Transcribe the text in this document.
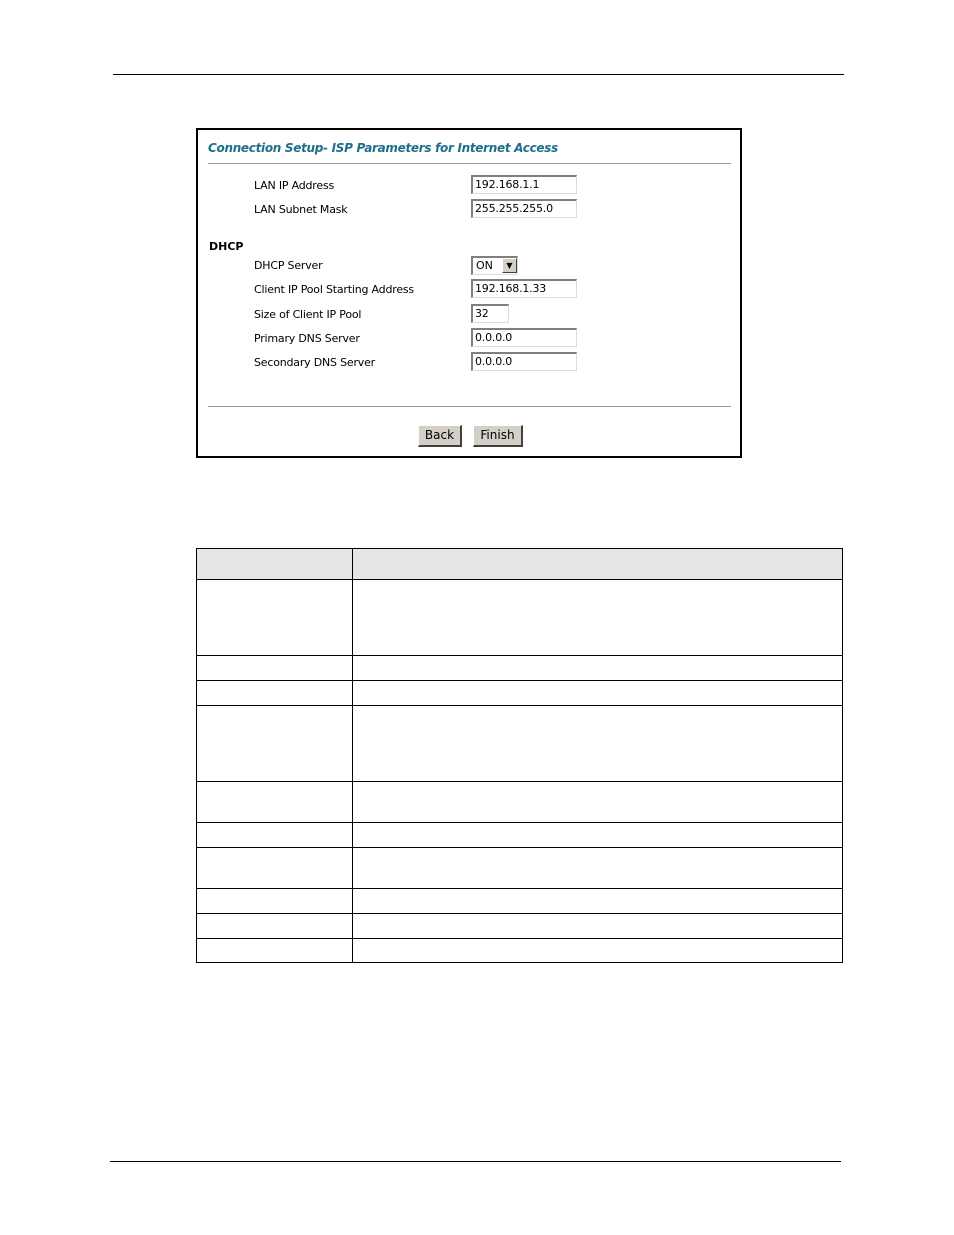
Connection Setup- ISP Parameters for Internet Access
LAN IP Address	192.168.1.1
LAN Subnet Mask	255.255.255.0
DHCP
DHCP Server	ON	▼
Client IP Pool Starting Address	192.168.1.33
Size of Client IP Pool	32
Primary DNS Server	0.0.0.0
Secondary DNS Server	0.0.0.0
Back	Finish
